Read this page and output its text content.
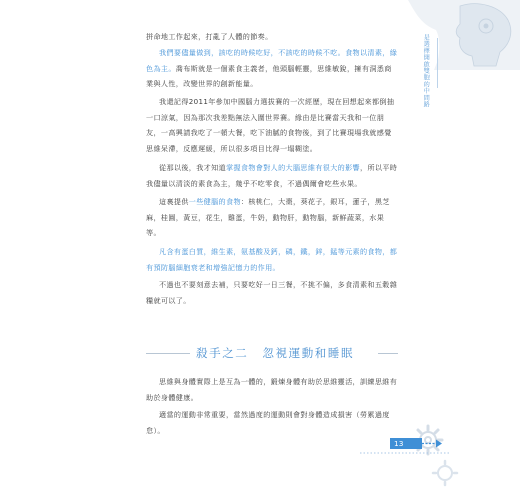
是選擇開啟雙胞的中間路

拼命地工作起來，打亂了人體的節奏。

我們要儘量做到，該吃的時候吃好，不該吃的時候不吃。食物以清素，綠色為主。喬布斯就是一個素食主義者，他頭腦輕靈，思維敏銳，擁有洞悉商業與人性，改變世界的創新能量。

我還記得2011年參加中國腦力選拔賽的一次經歷，現在回想起來都倒抽一口涼氣，因為那次我差點無法入圍世界賽。緣由是比賽當天我和一位朋友，一高興請我吃了一頓大餐，吃下油膩的食物後，到了比賽現場我就感覺思維呆滯，反應遲緩，所以很多項目比得一塌糊塗。

從那以後，我才知道掌握食物會對人的大腦思維有很大的影響，所以平時我儘量以清淡的素食為主，幾乎不吃零食，不過偶爾會吃些水果。

這裏提供一些健腦的食物：核桃仁，大棗，葵花子，銀耳，蓮子，黑芝麻，桂圓，黃豆，花生，雞蛋，牛奶，動物肝，動物腦，新鮮蔬菜，水果等。

凡含有蛋白質，維生素，氨基酸及鈣，磷，鐵，鋅，錳等元素的食物，都有預防腦細胞衰老和增強記憶力的作用。

不過也不要刻意去補，只要吃好一日三餐，不挑不偏，多食清素和五穀雜糧就可以了。

殺手之二 忽視運動和睡眠

思維與身體實際上是互為一體的，鍛煉身體有助於思維靈活，訓練思維有助於身體健康。

適當的運動非常重要，當然過度的運動則會對身體造成損害（勞累過度怠）。

13
